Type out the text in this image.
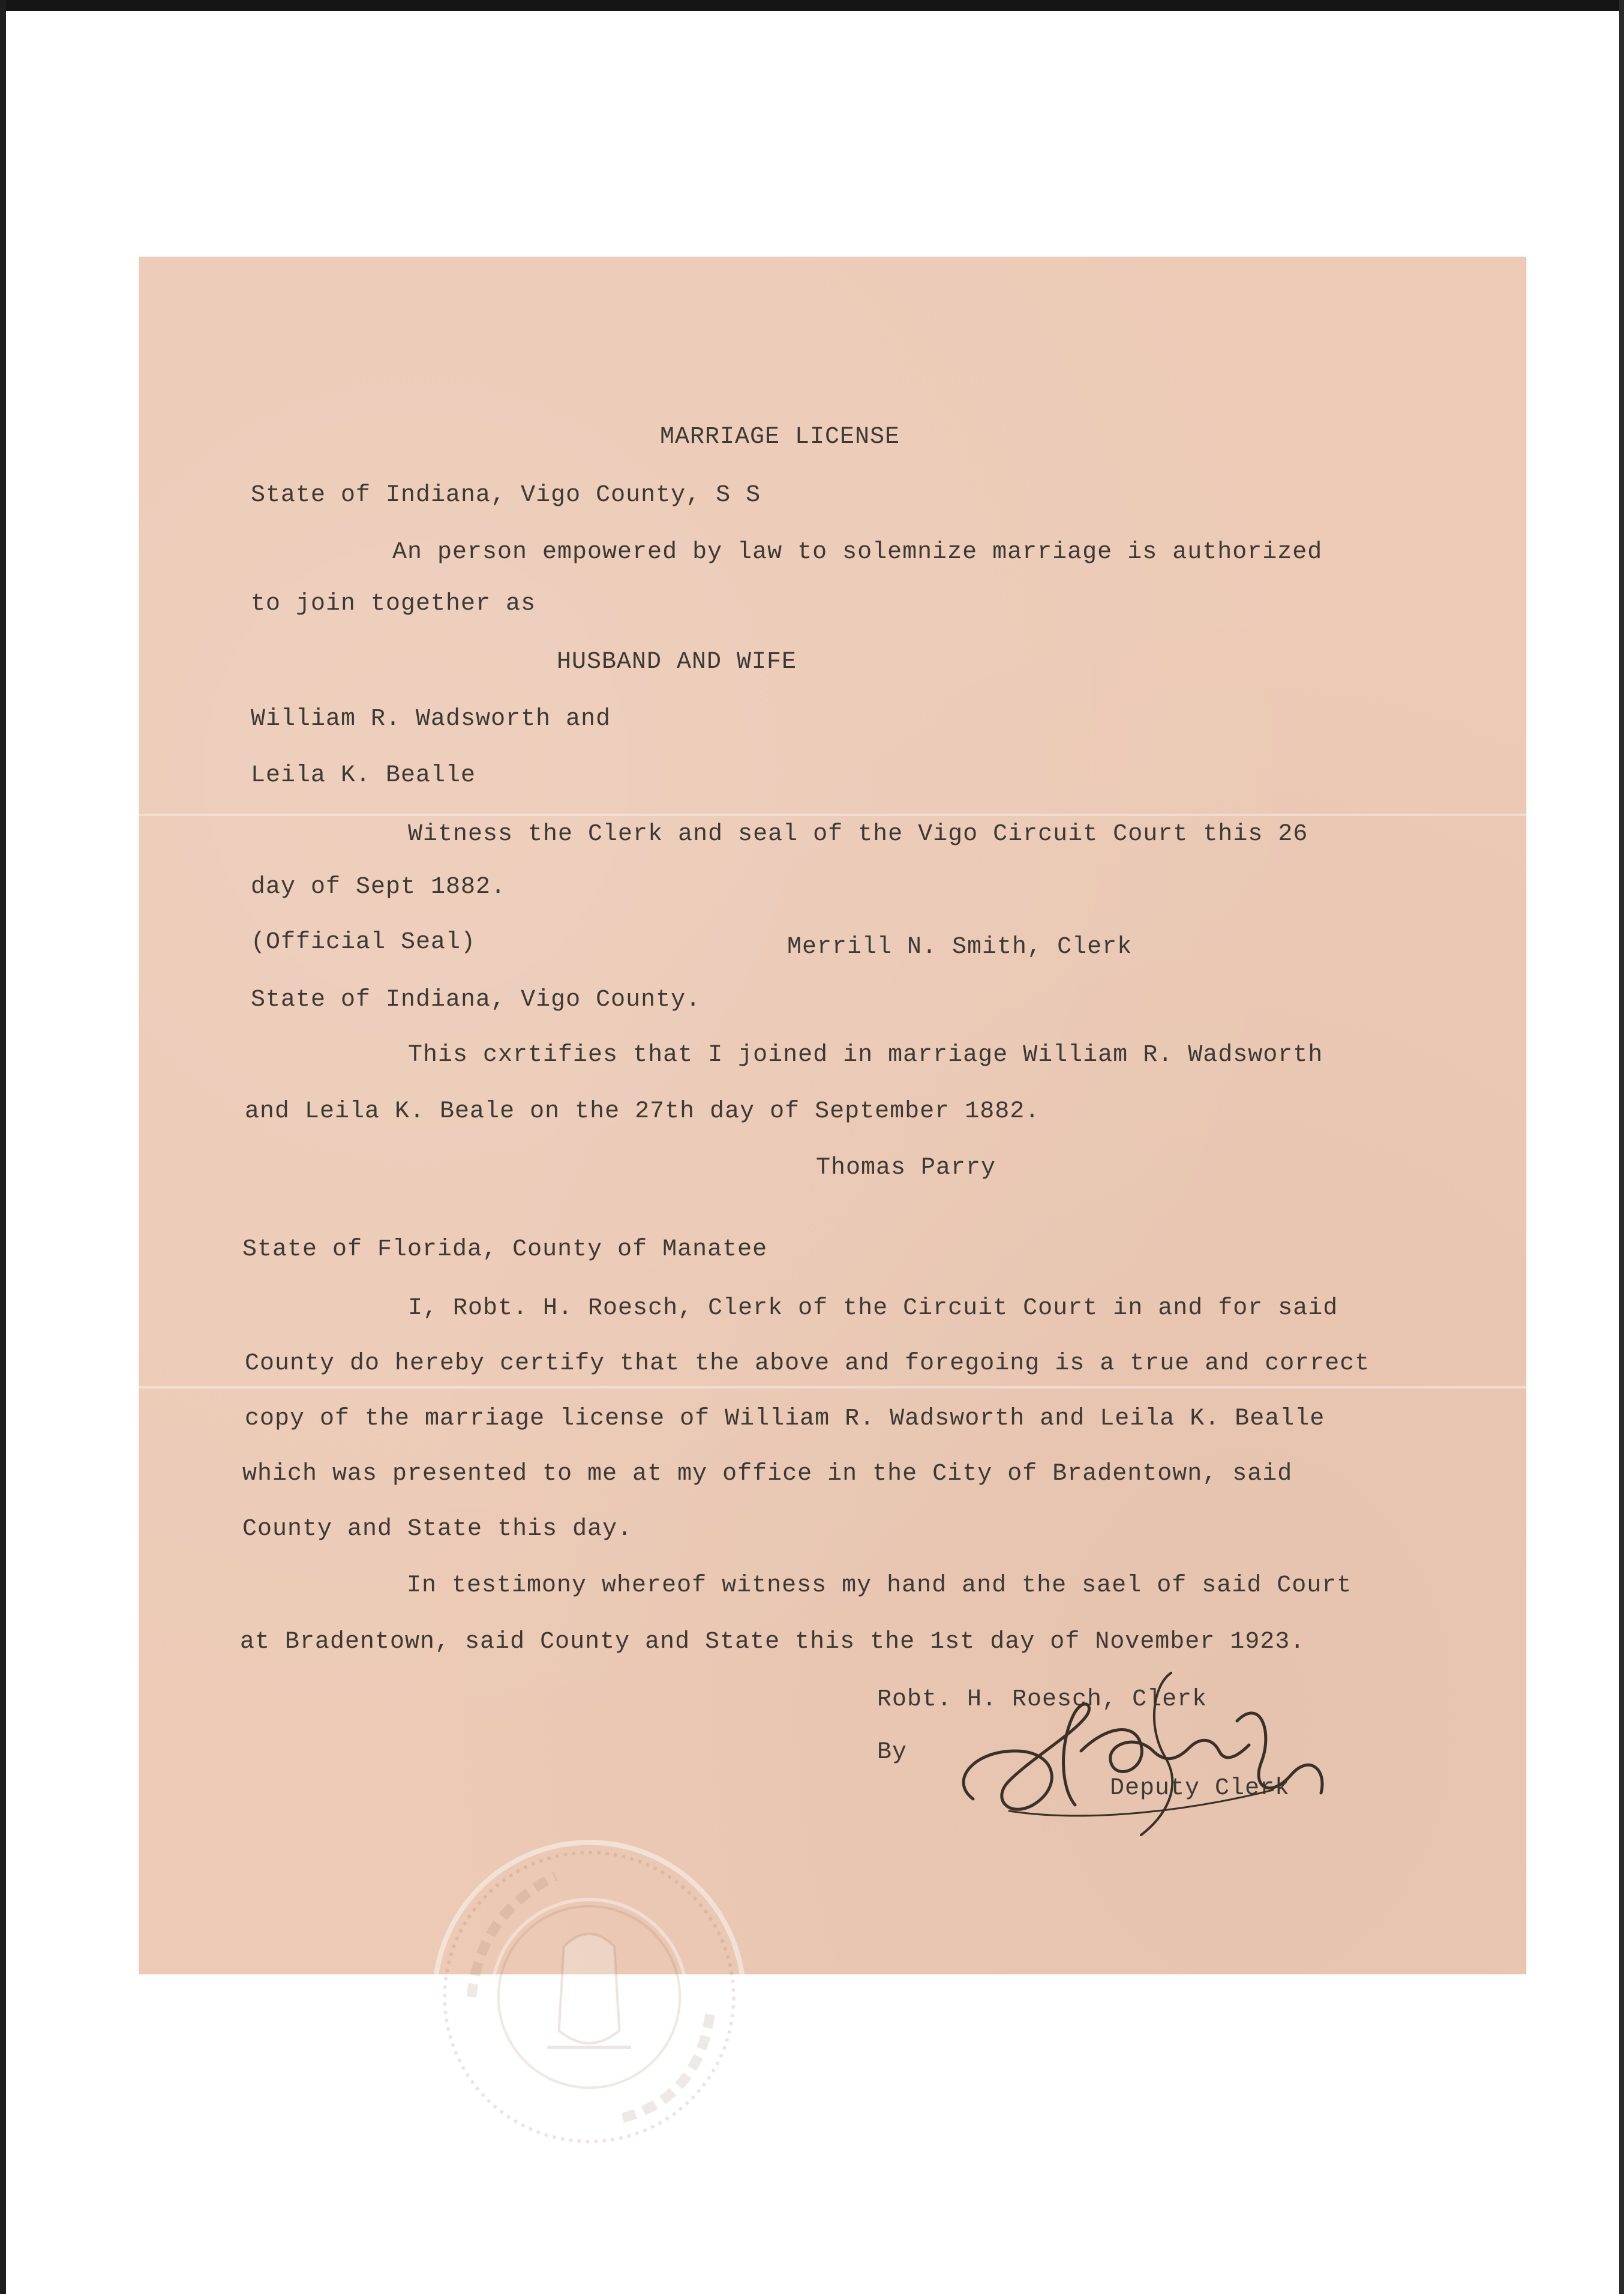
MARRIAGE LICENSE
State of Indiana, Vigo County, S S
An person empowered by law to solemnize marriage is authorized
to join together as
HUSBAND AND WIFE
William R. Wadsworth and
Leila K. Bealle
Witness the Clerk and seal of the Vigo Circuit Court this 26
day of Sept 1882.
(Official Seal)	Merrill N. Smith, Clerk
State of Indiana, Vigo County.
This cxrtifies that I joined in marriage William R. Wadsworth
and Leila K. Beale on the 27th day of September 1882.
Thomas Parry
State of Florida, County of Manatee
I, Robt. H. Roesch, Clerk of the Circuit Court in and for said
County do hereby certify that the above and foregoing is a true and correct
copy of the marriage license of William R. Wadsworth and Leila K. Bealle
which was presented to me at my office in the City of Bradentown, said
County and State this day.
In testimony whereof witness my hand and the sael of said Court
at Bradentown, said County and State this the 1st day of November 1923.
Robt. H. Roesch, Clerk
By
Deputy Clerk
